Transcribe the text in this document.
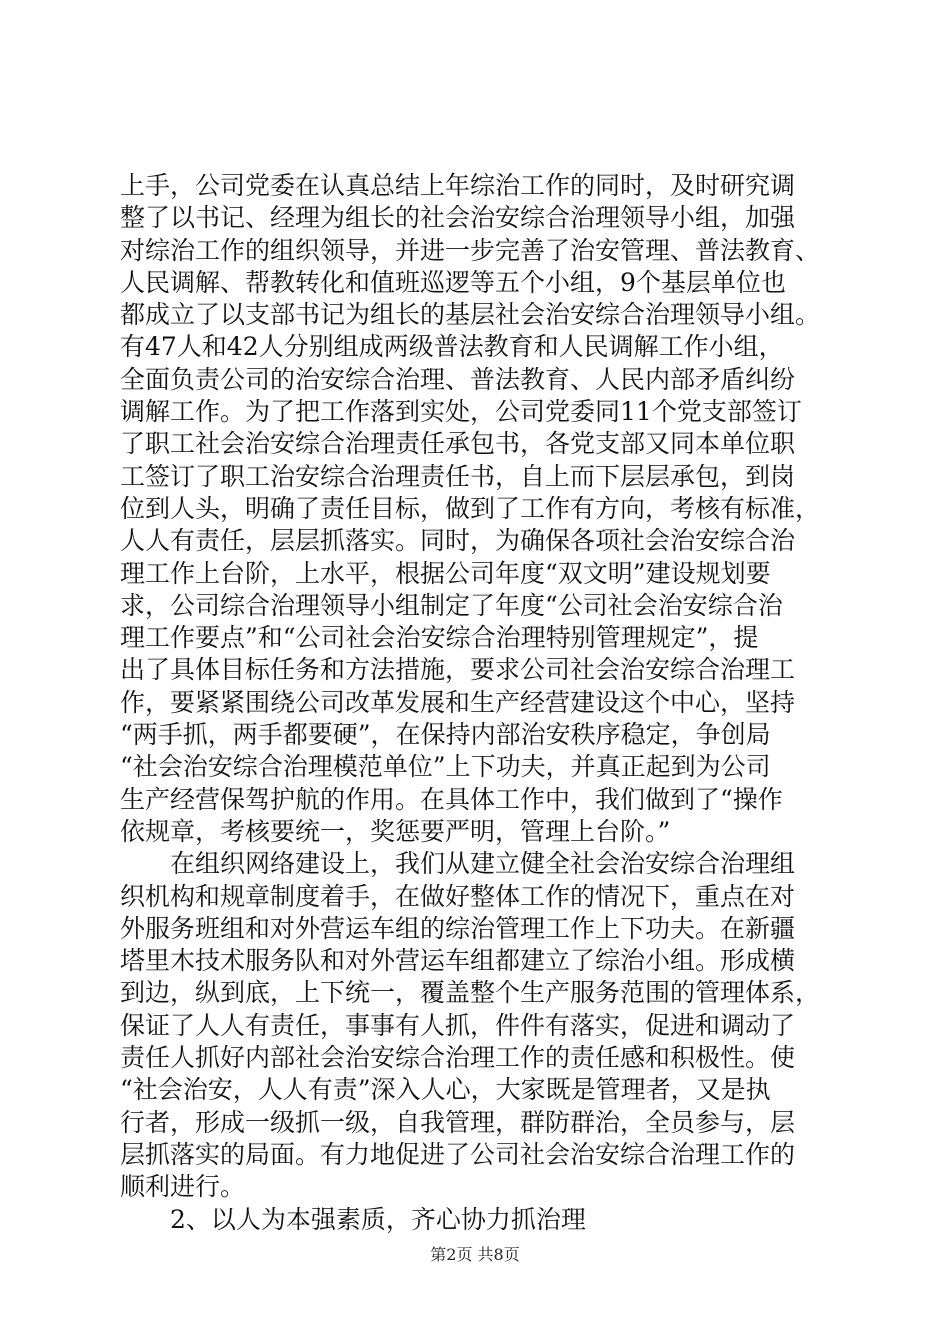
上手，公司党委在认真总结上年综治工作的同时，及时研究调
整了以书记、经理为组长的社会治安综合治理领导小组，加强
对综治工作的组织领导，并进一步完善了治安管理、普法教育、
人民调解、帮教转化和值班巡逻等五个小组，9个基层单位也
都成立了以支部书记为组长的基层社会治安综合治理领导小组。
有47人和42人分别组成两级普法教育和人民调解工作小组，
全面负责公司的治安综合治理、普法教育、人民内部矛盾纠纷
调解工作。为了把工作落到实处，公司党委同11个党支部签订
了职工社会治安综合治理责任承包书，各党支部又同本单位职
工签订了职工治安综合治理责任书，自上而下层层承包，到岗
位到人头，明确了责任目标，做到了工作有方向，考核有标准，
人人有责任，层层抓落实。同时，为确保各项社会治安综合治
理工作上台阶，上水平，根据公司年度“双文明”建设规划要
求，公司综合治理领导小组制定了年度“公司社会治安综合治
理工作要点”和“公司社会治安综合治理特别管理规定”，提
出了具体目标任务和方法措施，要求公司社会治安综合治理工
作，要紧紧围绕公司改革发展和生产经营建设这个中心，坚持
“两手抓，两手都要硬”，在保持内部治安秩序稳定，争创局
“社会治安综合治理模范单位”上下功夫，并真正起到为公司
生产经营保驾护航的作用。在具体工作中，我们做到了“操作
依规章，考核要统一，奖惩要严明，管理上台阶。”
在组织网络建设上，我们从建立健全社会治安综合治理组
织机构和规章制度着手，在做好整体工作的情况下，重点在对
外服务班组和对外营运车组的综治管理工作上下功夫。在新疆
塔里木技术服务队和对外营运车组都建立了综治小组。形成横
到边，纵到底，上下统一，覆盖整个生产服务范围的管理体系，
保证了人人有责任，事事有人抓，件件有落实，促进和调动了
责任人抓好内部社会治安综合治理工作的责任感和积极性。使
“社会治安，人人有责”深入人心，大家既是管理者，又是执
行者，形成一级抓一级，自我管理，群防群治，全员参与，层
层抓落实的局面。有力地促进了公司社会治安综合治理工作的
顺利进行。
2、以人为本强素质，齐心协力抓治理
第2页 共8页
